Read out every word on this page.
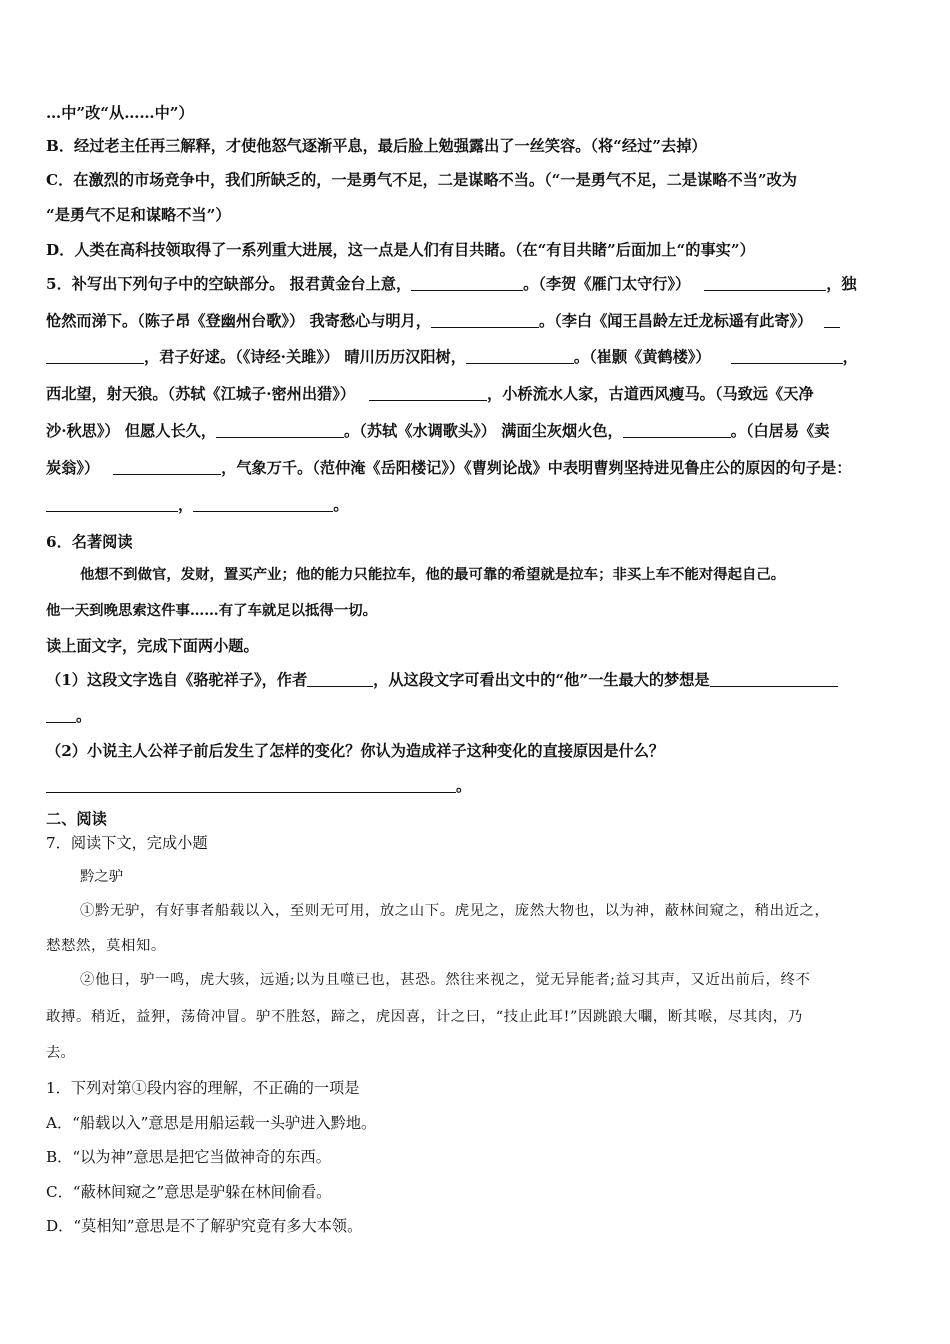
…中”改“从……中”）
B．经过老主任再三解释，才使他怒气逐渐平息，最后脸上勉强露出了一丝笑容。（将“经过”去掉）
C．在激烈的市场竞争中，我们所缺乏的，一是勇气不足，二是谋略不当。（“一是勇气不足，二是谋略不当”改为
“是勇气不足和谋略不当”）
D．人类在高科技领取得了一系列重大进展，这一点是人们有目共睹。（在“有目共睹”后面加上“的事实”）
5．补写出下列句子中的空缺部分。 报君黄金台上意，	。（李贺《雁门太守行》）	，独
怆然而涕下。（陈子昂《登幽州台歌》） 我寄愁心与明月，	。（李白《闻王昌龄左迁龙标遥有此寄》）
，君子好逑。（《诗经·关雎》） 晴川历历汉阳树，	。（崔颢《黄鹤楼》）	，
西北望，射天狼。（苏轼《江城子·密州出猎》）	，小桥流水人家，古道西风瘦马。（马致远《天净
沙·秋思》） 但愿人长久，	。（苏轼《水调歌头》） 满面尘灰烟火色，	。（白居易《卖
炭翁》）	，气象万千。（范仲淹《岳阳楼记》）《曹刿论战》中表明曹刿坚持进见鲁庄公的原因的句子是：
，	。
6．名著阅读
他想不到做官，发财，置买产业；他的能力只能拉车，他的最可靠的希望就是拉车；非买上车不能对得起自己。
他一天到晚思索这件事……有了车就足以抵得一切。
读上面文字，完成下面两小题。
（1）这段文字选自《骆驼祥子》，作者	，从这段文字可看出文中的“他”一生最大的梦想是
。
（2）小说主人公祥子前后发生了怎样的变化？你认为造成祥子这种变化的直接原因是什么？
。
二、阅读
7．阅读下文，完成小题
黔之驴
①黔无驴，有好事者船载以入，至则无可用，放之山下。虎见之，庞然大物也，以为神，蔽林间窥之，稍出近之，
慭慭然，莫相知。
②他日，驴一鸣，虎大骇，远遁;以为且噬已也，甚恐。然往来视之，觉无异能者;益习其声，又近出前后，终不
敢搏。稍近，益狎，荡倚冲冒。驴不胜怒，蹄之，虎因喜，计之曰，“技止此耳!”因跳踉大㘚，断其喉，尽其肉，乃
去。
1．下列对第①段内容的理解，不正确的一项是
A．“船载以入”意思是用船运载一头驴进入黔地。
B．“以为神”意思是把它当做神奇的东西。
C．“蔽林间窥之”意思是驴躲在林间偷看。
D．“莫相知”意思是不了解驴究竟有多大本领。
